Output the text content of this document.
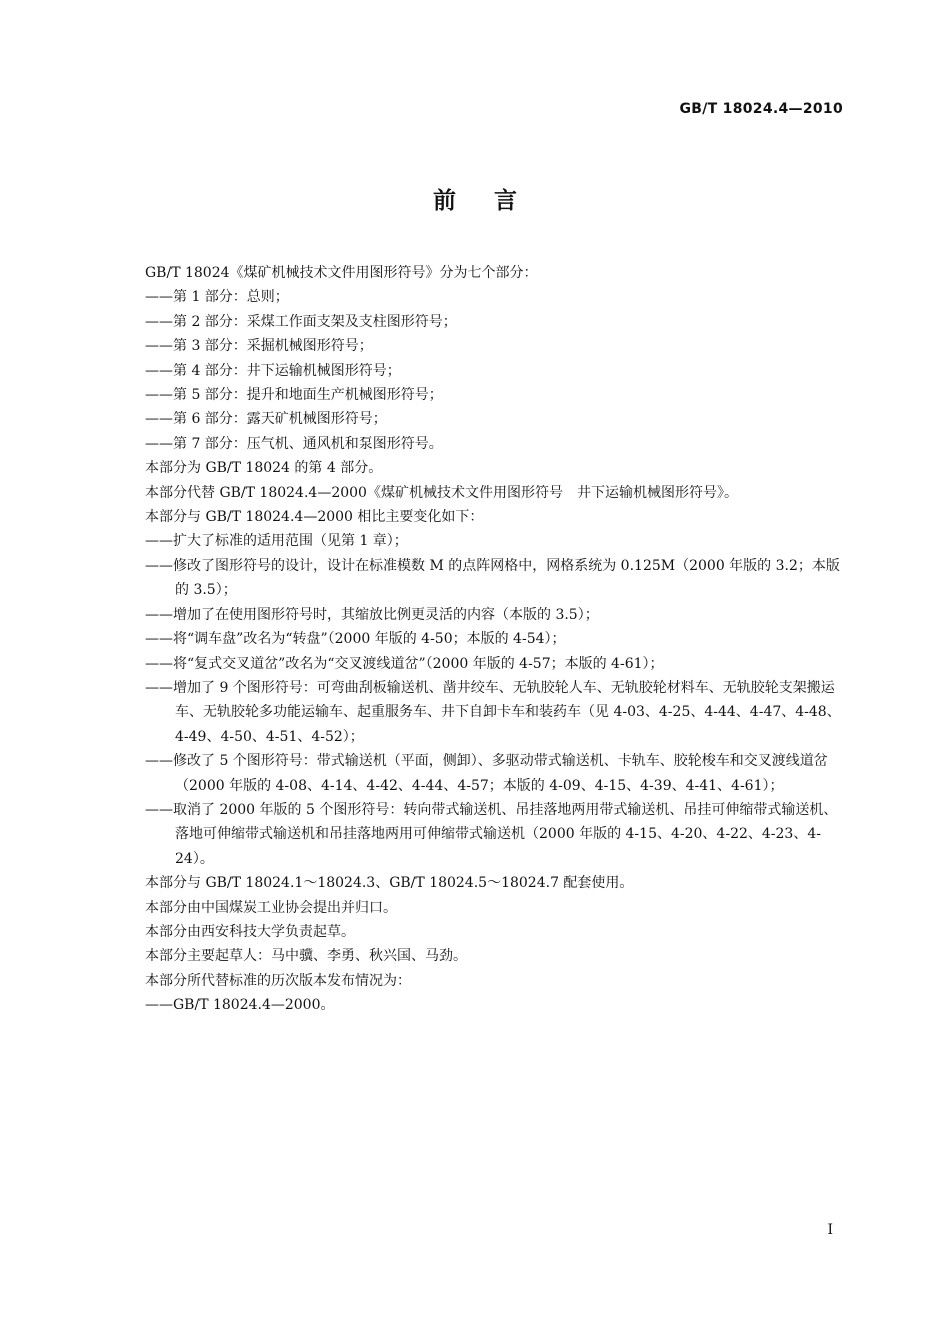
GB/T 18024.4—2010
前言
GB/T 18024《煤矿机械技术文件用图形符号》分为七个部分：
——第 1 部分：总则；
——第 2 部分：采煤工作面支架及支柱图形符号；
——第 3 部分：采掘机械图形符号；
——第 4 部分：井下运输机械图形符号；
——第 5 部分：提升和地面生产机械图形符号；
——第 6 部分：露天矿机械图形符号；
——第 7 部分：压气机、通风机和泵图形符号。
本部分为 GB/T 18024 的第 4 部分。
本部分代替 GB/T 18024.4—2000《煤矿机械技术文件用图形符号　井下运输机械图形符号》。
本部分与 GB/T 18024.4—2000 相比主要变化如下：
——扩大了标准的适用范围（见第 1 章）；
——修改了图形符号的设计，设计在标准模数 M 的点阵网格中，网格系统为 0.125M（2000 年版的 3.2；本版的 3.5）；
——增加了在使用图形符号时，其缩放比例更灵活的内容（本版的 3.5）；
——将“调车盘”改名为“转盘”（2000 年版的 4-50；本版的 4-54）；
——将“复式交叉道岔”改名为“交叉渡线道岔”（2000 年版的 4-57；本版的 4-61）；
——增加了 9 个图形符号：可弯曲刮板输送机、凿井绞车、无轨胶轮人车、无轨胶轮材料车、无轨胶轮支架搬运车、无轨胶轮多功能运输车、起重服务车、井下自卸卡车和装药车（见 4-03、4-25、4-44、4-47、4-48、4-49、4-50、4-51、4-52）；
——修改了 5 个图形符号：带式输送机（平面，侧卸）、多驱动带式输送机、卡轨车、胶轮梭车和交叉渡线道岔（2000 年版的 4-08、4-14、4-42、4-44、4-57；本版的 4-09、4-15、4-39、4-41、4-61）；
——取消了 2000 年版的 5 个图形符号：转向带式输送机、吊挂落地两用带式输送机、吊挂可伸缩带式输送机、落地可伸缩带式输送机和吊挂落地两用可伸缩带式输送机（2000 年版的 4-15、4-20、4-22、4-23、4-24）。
本部分与 GB/T 18024.1～18024.3、GB/T 18024.5～18024.7 配套使用。
本部分由中国煤炭工业协会提出并归口。
本部分由西安科技大学负责起草。
本部分主要起草人：马中骥、李勇、秋兴国、马劲。
本部分所代替标准的历次版本发布情况为：
——GB/T 18024.4—2000。
I
